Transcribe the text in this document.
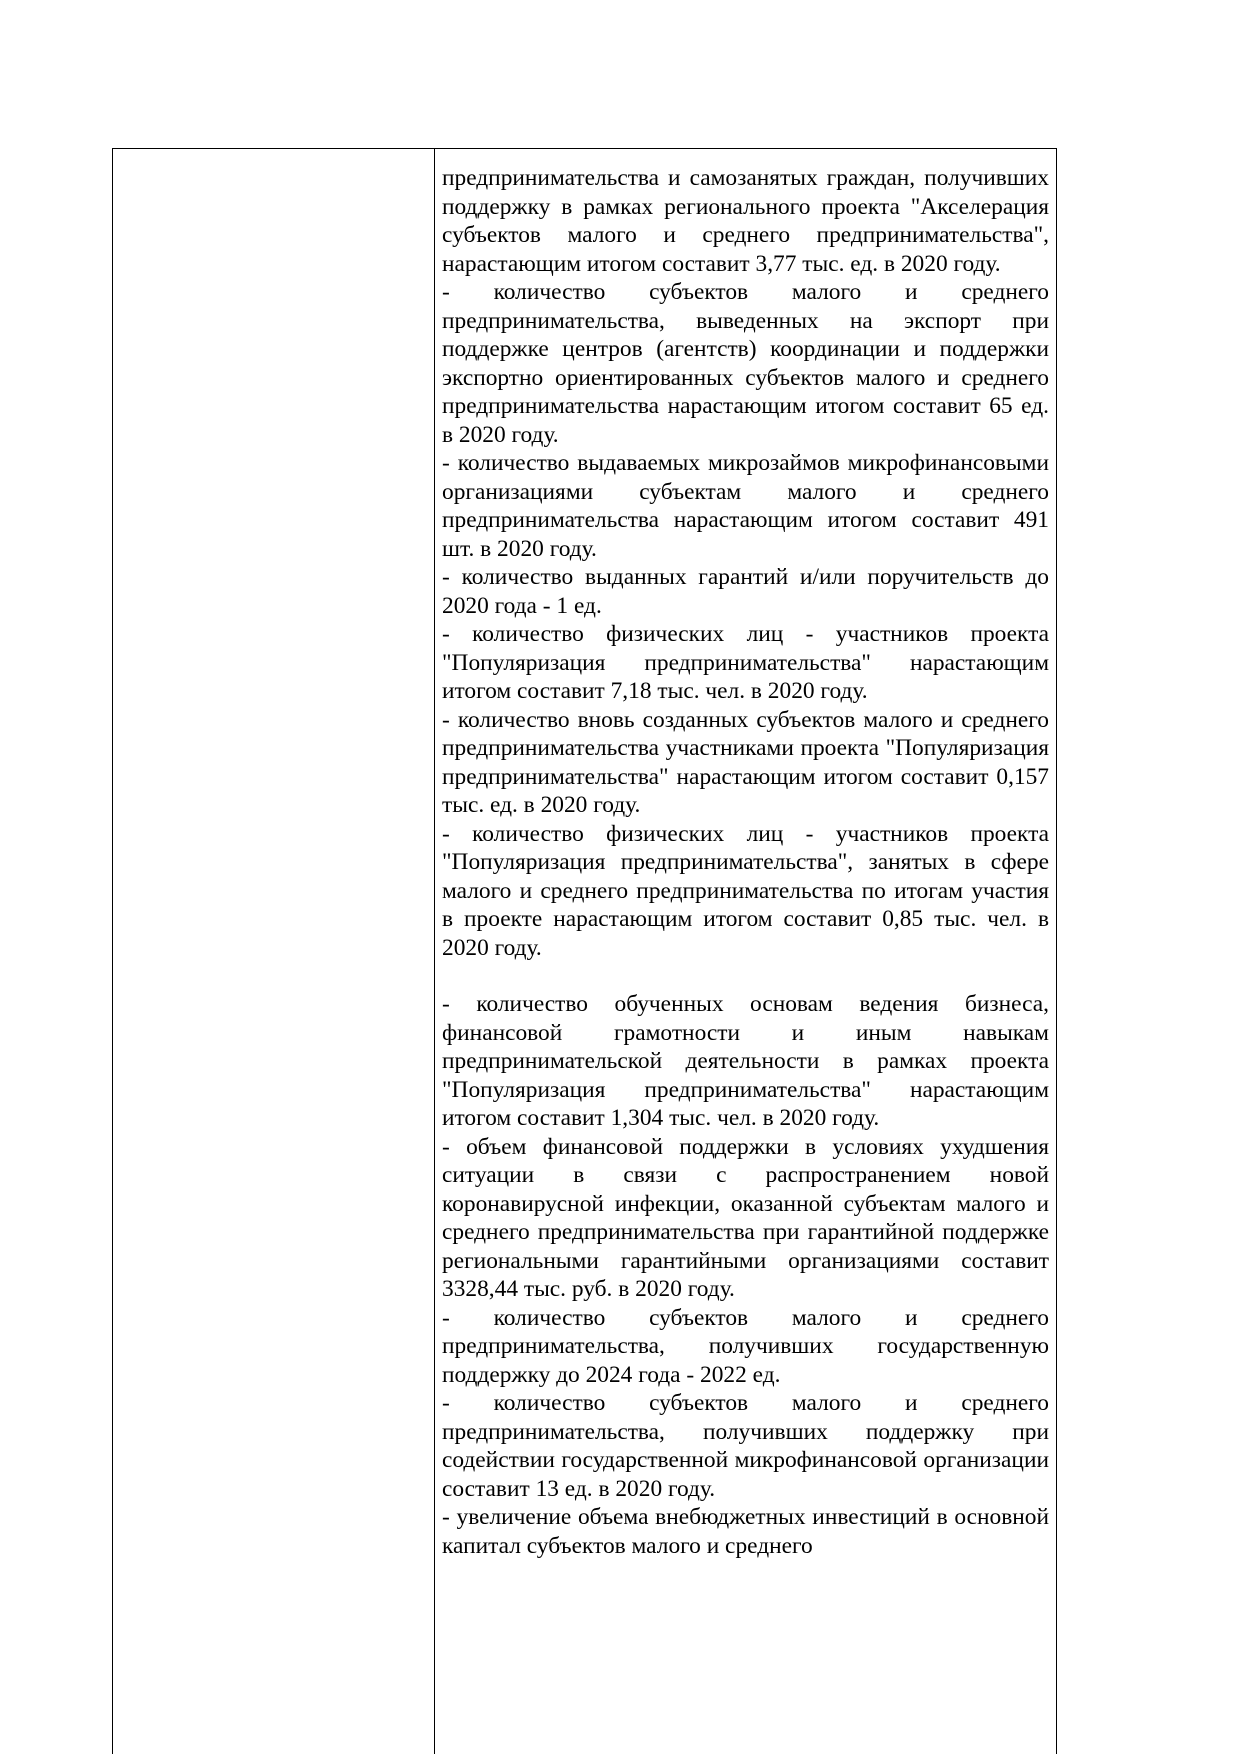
предпринимательства и самозанятых граждан, получивших поддержку в рамках регионального проекта "Акселерация субъектов малого и среднего предпринимательства", нарастающим итогом составит 3,77 тыс. ед. в 2020 году.

- количество субъектов малого и среднего предпринимательства, выведенных на экспорт при поддержке центров (агентств) координации и поддержки экспортно ориентированных субъектов малого и среднего предпринимательства нарастающим итогом составит 65 ед. в 2020 году.

- количество выдаваемых микрозаймов микрофинансовыми организациями субъектам малого и среднего предпринимательства нарастающим итогом составит 491 шт. в 2020 году.

- количество выданных гарантий и/или поручительств до 2020 года - 1 ед.

- количество физических лиц - участников проекта "Популяризация предпринимательства" нарастающим итогом составит 7,18 тыс. чел. в 2020 году.

- количество вновь созданных субъектов малого и среднего предпринимательства участниками проекта "Популяризация предпринимательства" нарастающим итогом составит 0,157 тыс. ед. в 2020 году.

- количество физических лиц - участников проекта "Популяризация предпринимательства", занятых в сфере малого и среднего предпринимательства по итогам участия в проекте нарастающим итогом составит 0,85 тыс. чел. в 2020 году.

- количество обученных основам ведения бизнеса, финансовой грамотности и иным навыкам предпринимательской деятельности в рамках проекта "Популяризация предпринимательства" нарастающим итогом составит 1,304 тыс. чел. в 2020 году.

- объем финансовой поддержки в условиях ухудшения ситуации в связи с распространением новой коронавирусной инфекции, оказанной субъектам малого и среднего предпринимательства при гарантийной поддержке региональными гарантийными организациями составит 3328,44 тыс. руб. в 2020 году.

- количество субъектов малого и среднего предпринимательства, получивших государственную поддержку до 2024 года - 2022 ед.

- количество субъектов малого и среднего предпринимательства, получивших поддержку при содействии государственной микрофинансовой организации составит 13 ед. в 2020 году.

- увеличение объема внебюджетных инвестиций в основной капитал субъектов малого и среднего
